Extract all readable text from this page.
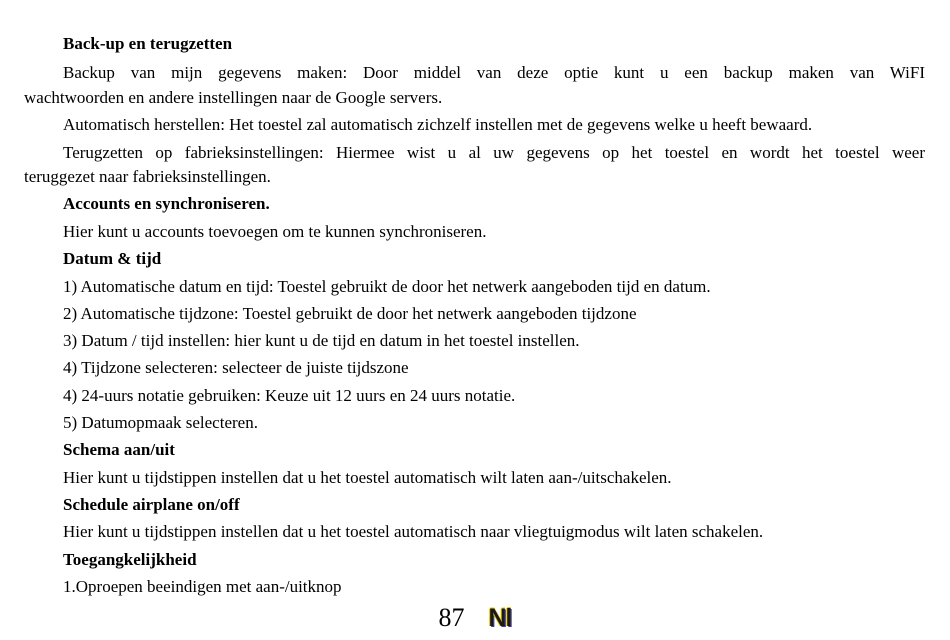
Back-up en terugzetten
Backup van mijn gegevens maken: Door middel van deze optie kunt u een backup maken van WiFI
wachtwoorden en andere instellingen naar de Google servers.
Automatisch herstellen: Het toestel zal automatisch zichzelf instellen met de gegevens welke u heeft bewaard.
Terugzetten op fabrieksinstellingen: Hiermee wist u al uw gegevens op het toestel en wordt het toestel weer
teruggezet naar fabrieksinstellingen.
Accounts en synchroniseren.
Hier kunt u accounts toevoegen om te kunnen synchroniseren.
Datum & tijd
1) Automatische datum en tijd: Toestel gebruikt de door het netwerk aangeboden tijd en datum.
2) Automatische tijdzone: Toestel gebruikt de door het netwerk aangeboden tijdzone
3) Datum / tijd instellen: hier kunt u de tijd en datum in het toestel instellen.
4) Tijdzone selecteren: selecteer de juiste tijdszone
4) 24-uurs notatie gebruiken: Keuze uit 12 uurs en 24 uurs notatie.
5) Datumopmaak selecteren.
Schema aan/uit
Hier kunt u tijdstippen instellen dat u het toestel automatisch wilt laten aan-/uitschakelen.
Schedule airplane on/off
Hier kunt u tijdstippen instellen dat u het toestel automatisch naar vliegtuigmodus wilt laten schakelen.
Toegangkelijkheid
1.Oproepen beeindigen met aan-/uitknop
87 Nl
